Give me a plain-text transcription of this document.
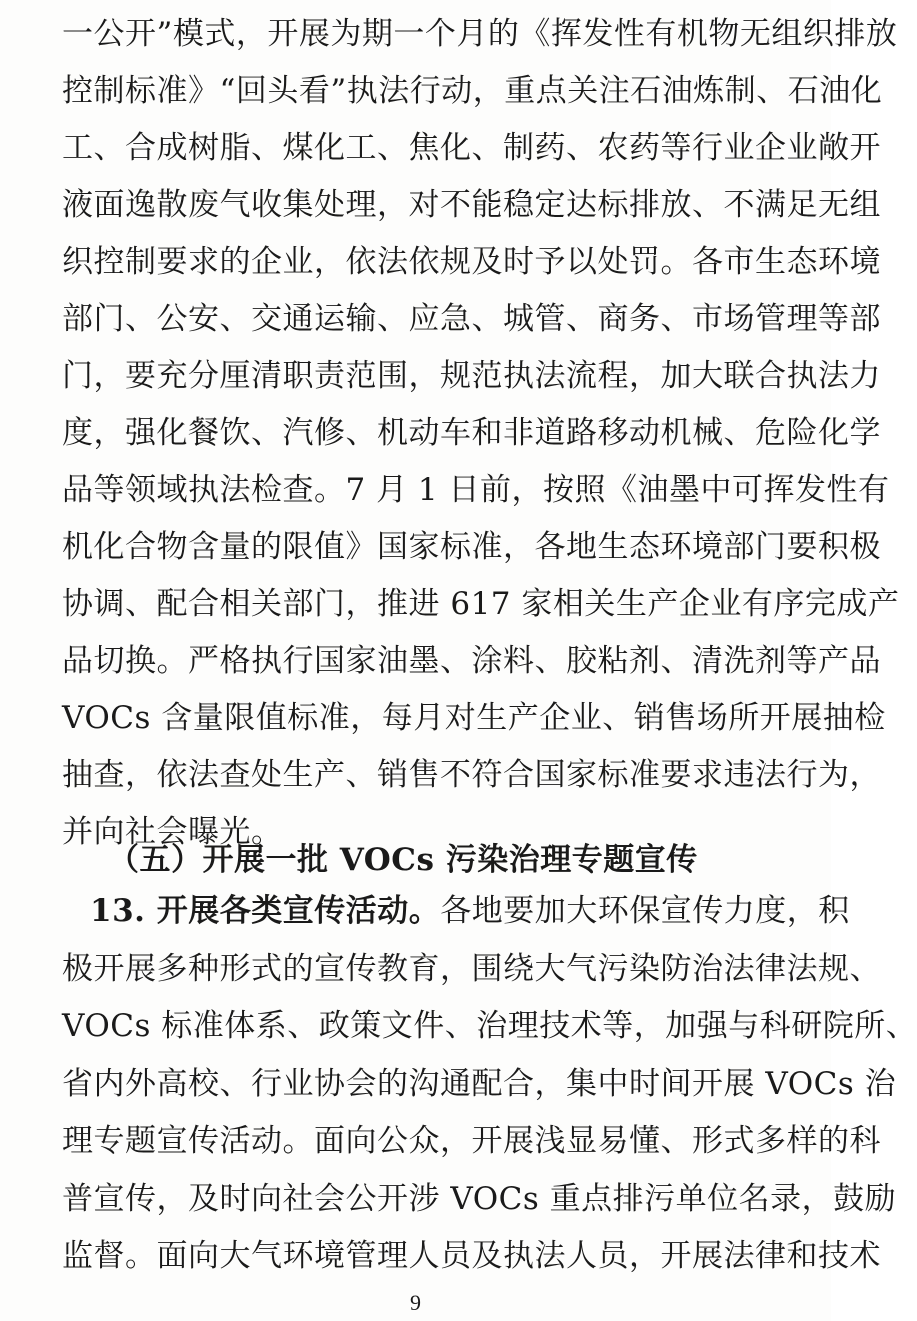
一公开”模式，开展为期一个月的《挥发性有机物无组织排放
控制标准》“回头看”执法行动，重点关注石油炼制、石油化
工、合成树脂、煤化工、焦化、制药、农药等行业企业敞开
液面逸散废气收集处理，对不能稳定达标排放、不满足无组
织控制要求的企业，依法依规及时予以处罚。各市生态环境
部门、公安、交通运输、应急、城管、商务、市场管理等部
门，要充分厘清职责范围，规范执法流程，加大联合执法力
度，强化餐饮、汽修、机动车和非道路移动机械、危险化学
品等领域执法检查。7 月 1 日前，按照《油墨中可挥发性有
机化合物含量的限值》国家标准，各地生态环境部门要积极
协调、配合相关部门，推进 617 家相关生产企业有序完成产
品切换。严格执行国家油墨、涂料、胶粘剂、清洗剂等产品
VOCs 含量限值标准，每月对生产企业、销售场所开展抽检
抽查，依法查处生产、销售不符合国家标准要求违法行为，
并向社会曝光。
（五）开展一批 VOCs 污染治理专题宣传
13. 开展各类宣传活动。各地要加大环保宣传力度，积
极开展多种形式的宣传教育，围绕大气污染防治法律法规、
VOCs 标准体系、政策文件、治理技术等，加强与科研院所、
省内外高校、行业协会的沟通配合，集中时间开展 VOCs 治
理专题宣传活动。面向公众，开展浅显易懂、形式多样的科
普宣传，及时向社会公开涉 VOCs 重点排污单位名录，鼓励
监督。面向大气环境管理人员及执法人员，开展法律和技术
9
